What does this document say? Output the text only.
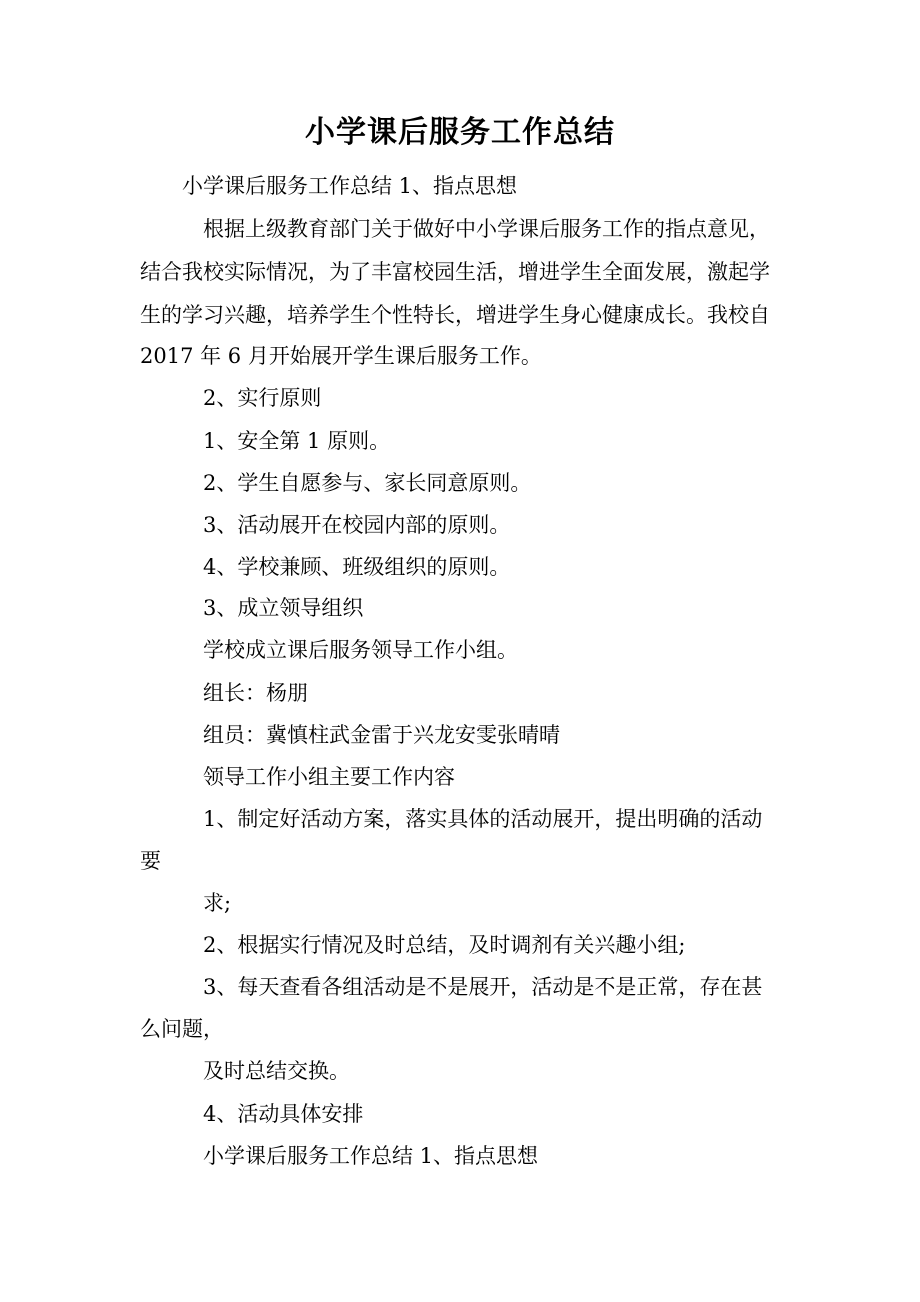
小学课后服务工作总结
小学课后服务工作总结 1、指点思想
根据上级教育部门关于做好中小学课后服务工作的指点意见，
结合我校实际情况，为了丰富校园生活，增进学生全面发展，激起学
生的学习兴趣，培养学生个性特长，增进学生身心健康成长。我校自
2017 年 6 月开始展开学生课后服务工作。
2、实行原则
1、安全第 1 原则。
2、学生自愿参与、家长同意原则。
3、活动展开在校园内部的原则。
4、学校兼顾、班级组织的原则。
3、成立领导组织
学校成立课后服务领导工作小组。
组长：杨朋
组员：冀慎柱武金雷于兴龙安雯张晴晴
领导工作小组主要工作内容
1、制定好活动方案，落实具体的活动展开，提出明确的活动
要
求;
2、根据实行情况及时总结，及时调剂有关兴趣小组;
3、每天查看各组活动是不是展开，活动是不是正常，存在甚
么问题，
及时总结交换。
4、活动具体安排
小学课后服务工作总结 1、指点思想
